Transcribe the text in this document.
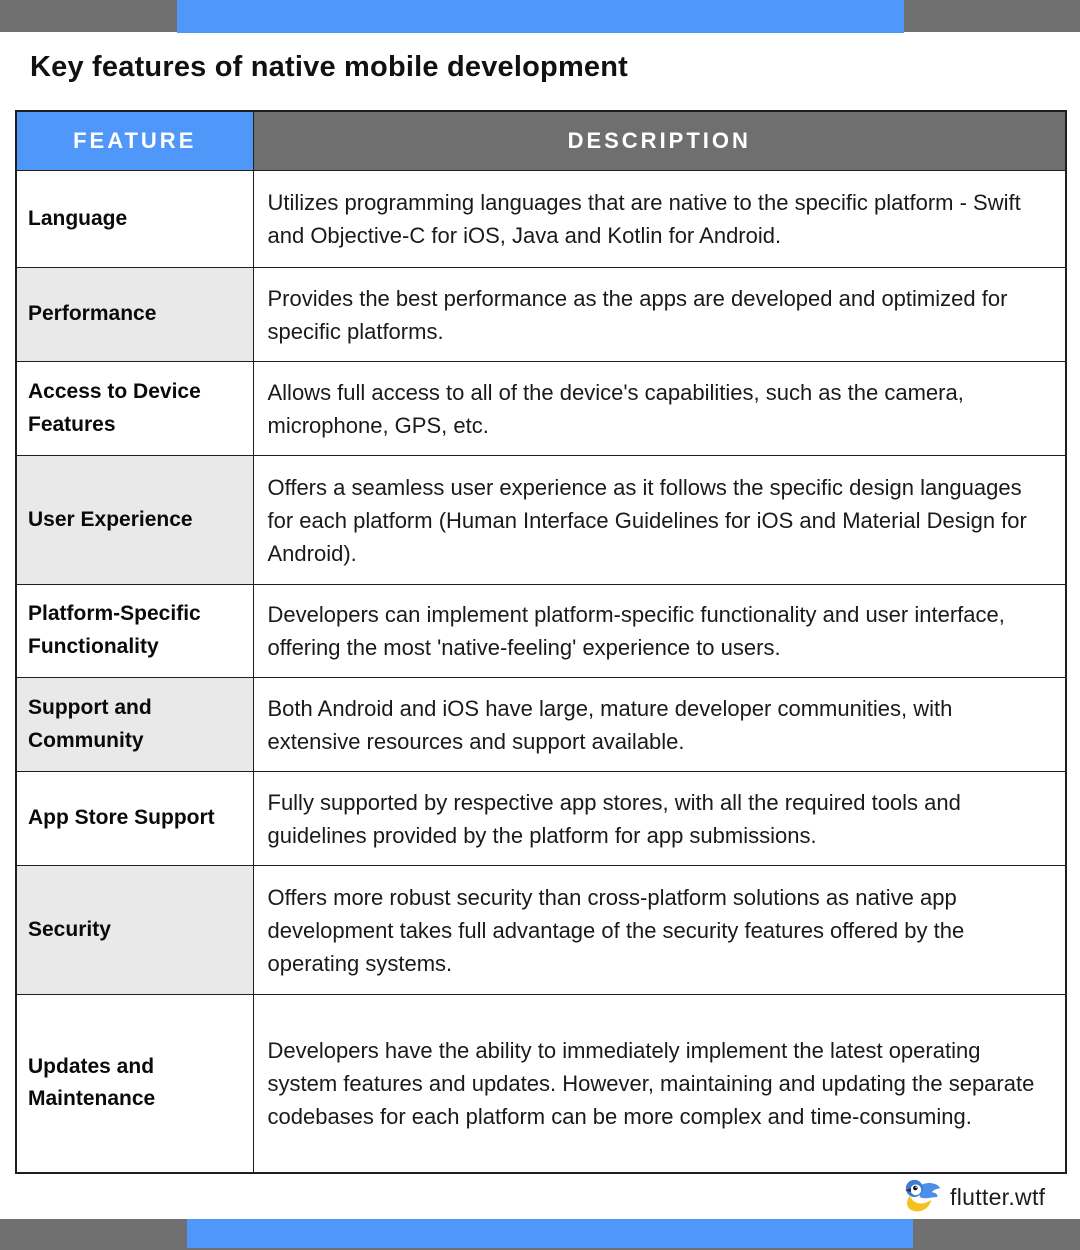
Key features of native mobile development
FEATURE	DESCRIPTION
Language	Utilizes programming languages that are native to the specific platform - Swift and Objective-C for iOS, Java and Kotlin for Android.
Performance	Provides the best performance as the apps are developed and optimized for specific platforms.
Access to Device Features	Allows full access to all of the device's capabilities, such as the camera, microphone, GPS, etc.
User Experience	Offers a seamless user experience as it follows the specific design languages for each platform (Human Interface Guidelines for iOS and Material Design for Android).
Platform-Specific Functionality	Developers can implement platform-specific functionality and user interface, offering the most 'native-feeling' experience to users.
Support and Community	Both Android and iOS have large, mature developer communities, with extensive resources and support available.
App Store Support	Fully supported by respective app stores, with all the required tools and guidelines provided by the platform for app submissions.
Security	Offers more robust security than cross-platform solutions as native app development takes full advantage of the security features offered by the operating systems.
Updates and Maintenance	Developers have the ability to immediately implement the latest operating system features and updates. However, maintaining and updating the separate codebases for each platform can be more complex and time-consuming.
flutter.wtf
